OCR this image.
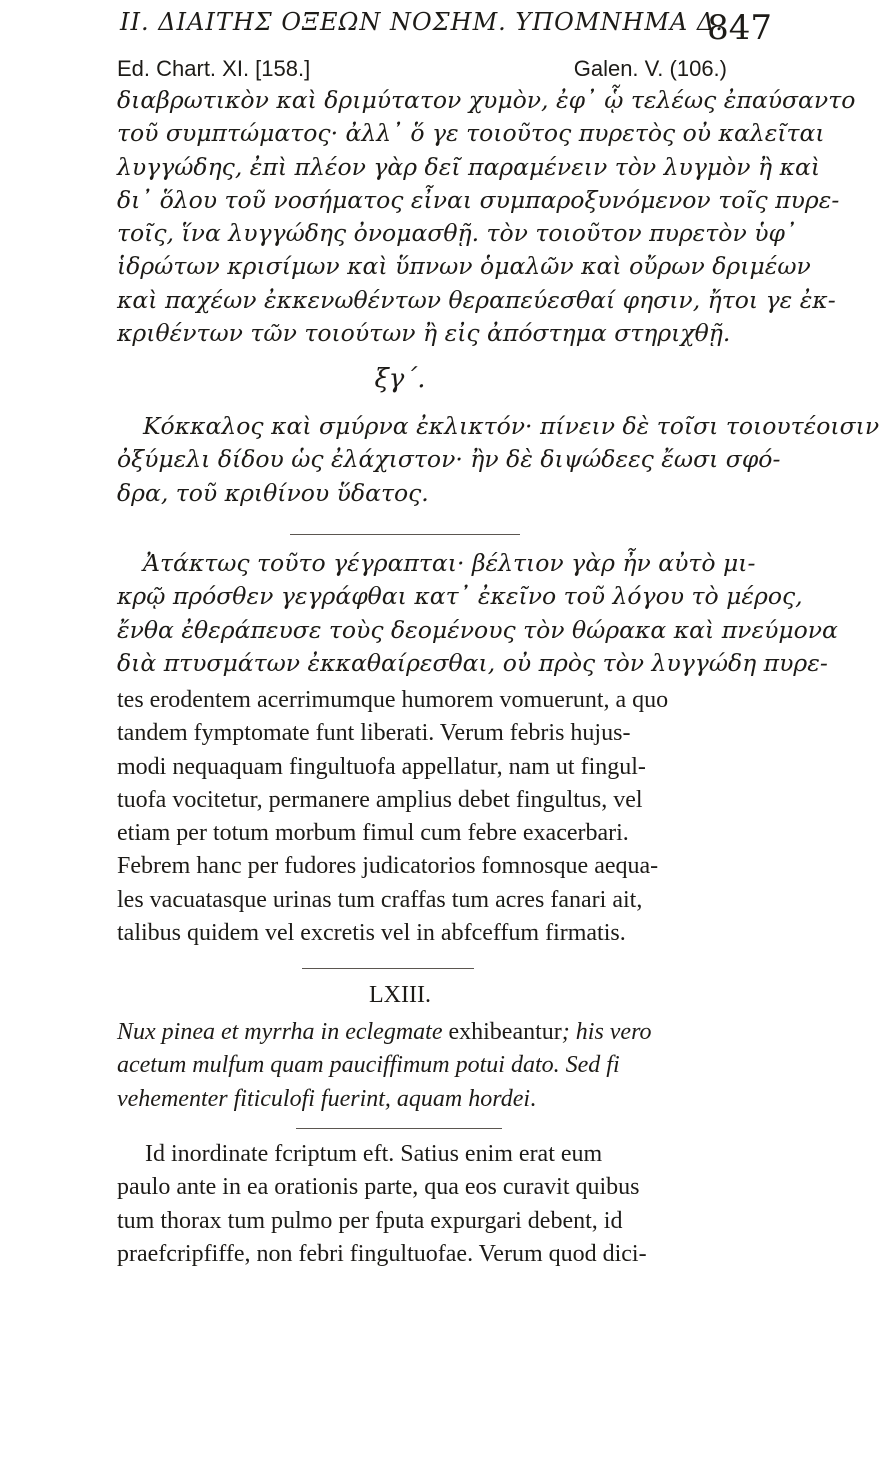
II. ΔΙΑΙΤΗΣ ΟΞΕΩΝ ΝΟΣΗΜ. ΥΠΟΜΝΗΜΑ Δ.
847
Ed. Chart. XI. [158.]	Galen. V. (106.)

διαβρωτικὸν καὶ δριμύτατον χυμὸν, ἐφ᾽ ᾧ τελέως ἐπαύσαντο

τοῦ συμπτώματος· ἀλλ᾽ ὅ γε τοιοῦτος πυρετὸς οὐ καλεῖται

λυγγώδης, ἐπὶ πλέον γὰρ δεῖ παραμένειν τὸν λυγμὸν ἢ καὶ

δι᾽ ὅλου τοῦ νοσήματος εἶναι συμπαροξυνόμενον τοῖς πυρε-

τοῖς, ἵνα λυγγώδης ὀνομασθῇ. τὸν τοιοῦτον πυρετὸν ὑφ᾽

ἱδρώτων κρισίμων καὶ ὕπνων ὁμαλῶν καὶ οὔρων δριμέων

καὶ παχέων ἐκκενωθέντων θεραπεύεσθαί φησιν, ἤτοι γε ἐκ-

κριθέντων τῶν τοιούτων ἢ εἰς ἀπόστημα στηριχθῇ.

ξγ΄.

Κόκκαλος καὶ σμύρνα ἐκλικτόν· πίνειν δὲ τοῖσι τοιουτέοισιν

ὀξύμελι δίδου ὡς ἐλάχιστον· ἢν δὲ διψώδεες ἔωσι σφό-

δρα, τοῦ κριθίνου ὕδατος.

Ἀτάκτως τοῦτο γέγραπται· βέλτιον γὰρ ἦν αὐτὸ μι-

κρῷ πρόσθεν γεγράφθαι κατ᾽ ἐκεῖνο τοῦ λόγου τὸ μέρος,

ἔνθα ἐθεράπευσε τοὺς δεομένους τὸν θώρακα καὶ πνεύμονα

διὰ πτυσμάτων ἐκκαθαίρεσθαι, οὐ πρὸς τὸν λυγγώδη πυρε-

tes erodentem acerrimumque humorem vomuerunt, a quo

tandem fymptomate funt liberati. Verum febris hujus-

modi nequaquam fingultuofa appellatur, nam ut fingul-

tuofa vocitetur, permanere amplius debet fingultus, vel

etiam per totum morbum fimul cum febre exacerbari.

Febrem hanc per fudores judicatorios fomnosque aequa-

les vacuatasque urinas tum craffas tum acres fanari ait,

talibus quidem vel excretis vel in abfceffum firmatis.

LXIII.

Nux pinea et myrrha in eclegmate exhibeantur; his vero

acetum mulfum quam pauciffimum potui dato. Sed fi

vehementer fiticulofi fuerint, aquam hordei.

Id inordinate fcriptum eft. Satius enim erat eum

paulo ante in ea orationis parte, qua eos curavit quibus

tum thorax tum pulmo per fputa expurgari debent, id

praefcripfiffe, non febri fingultuofae. Verum quod dici-
